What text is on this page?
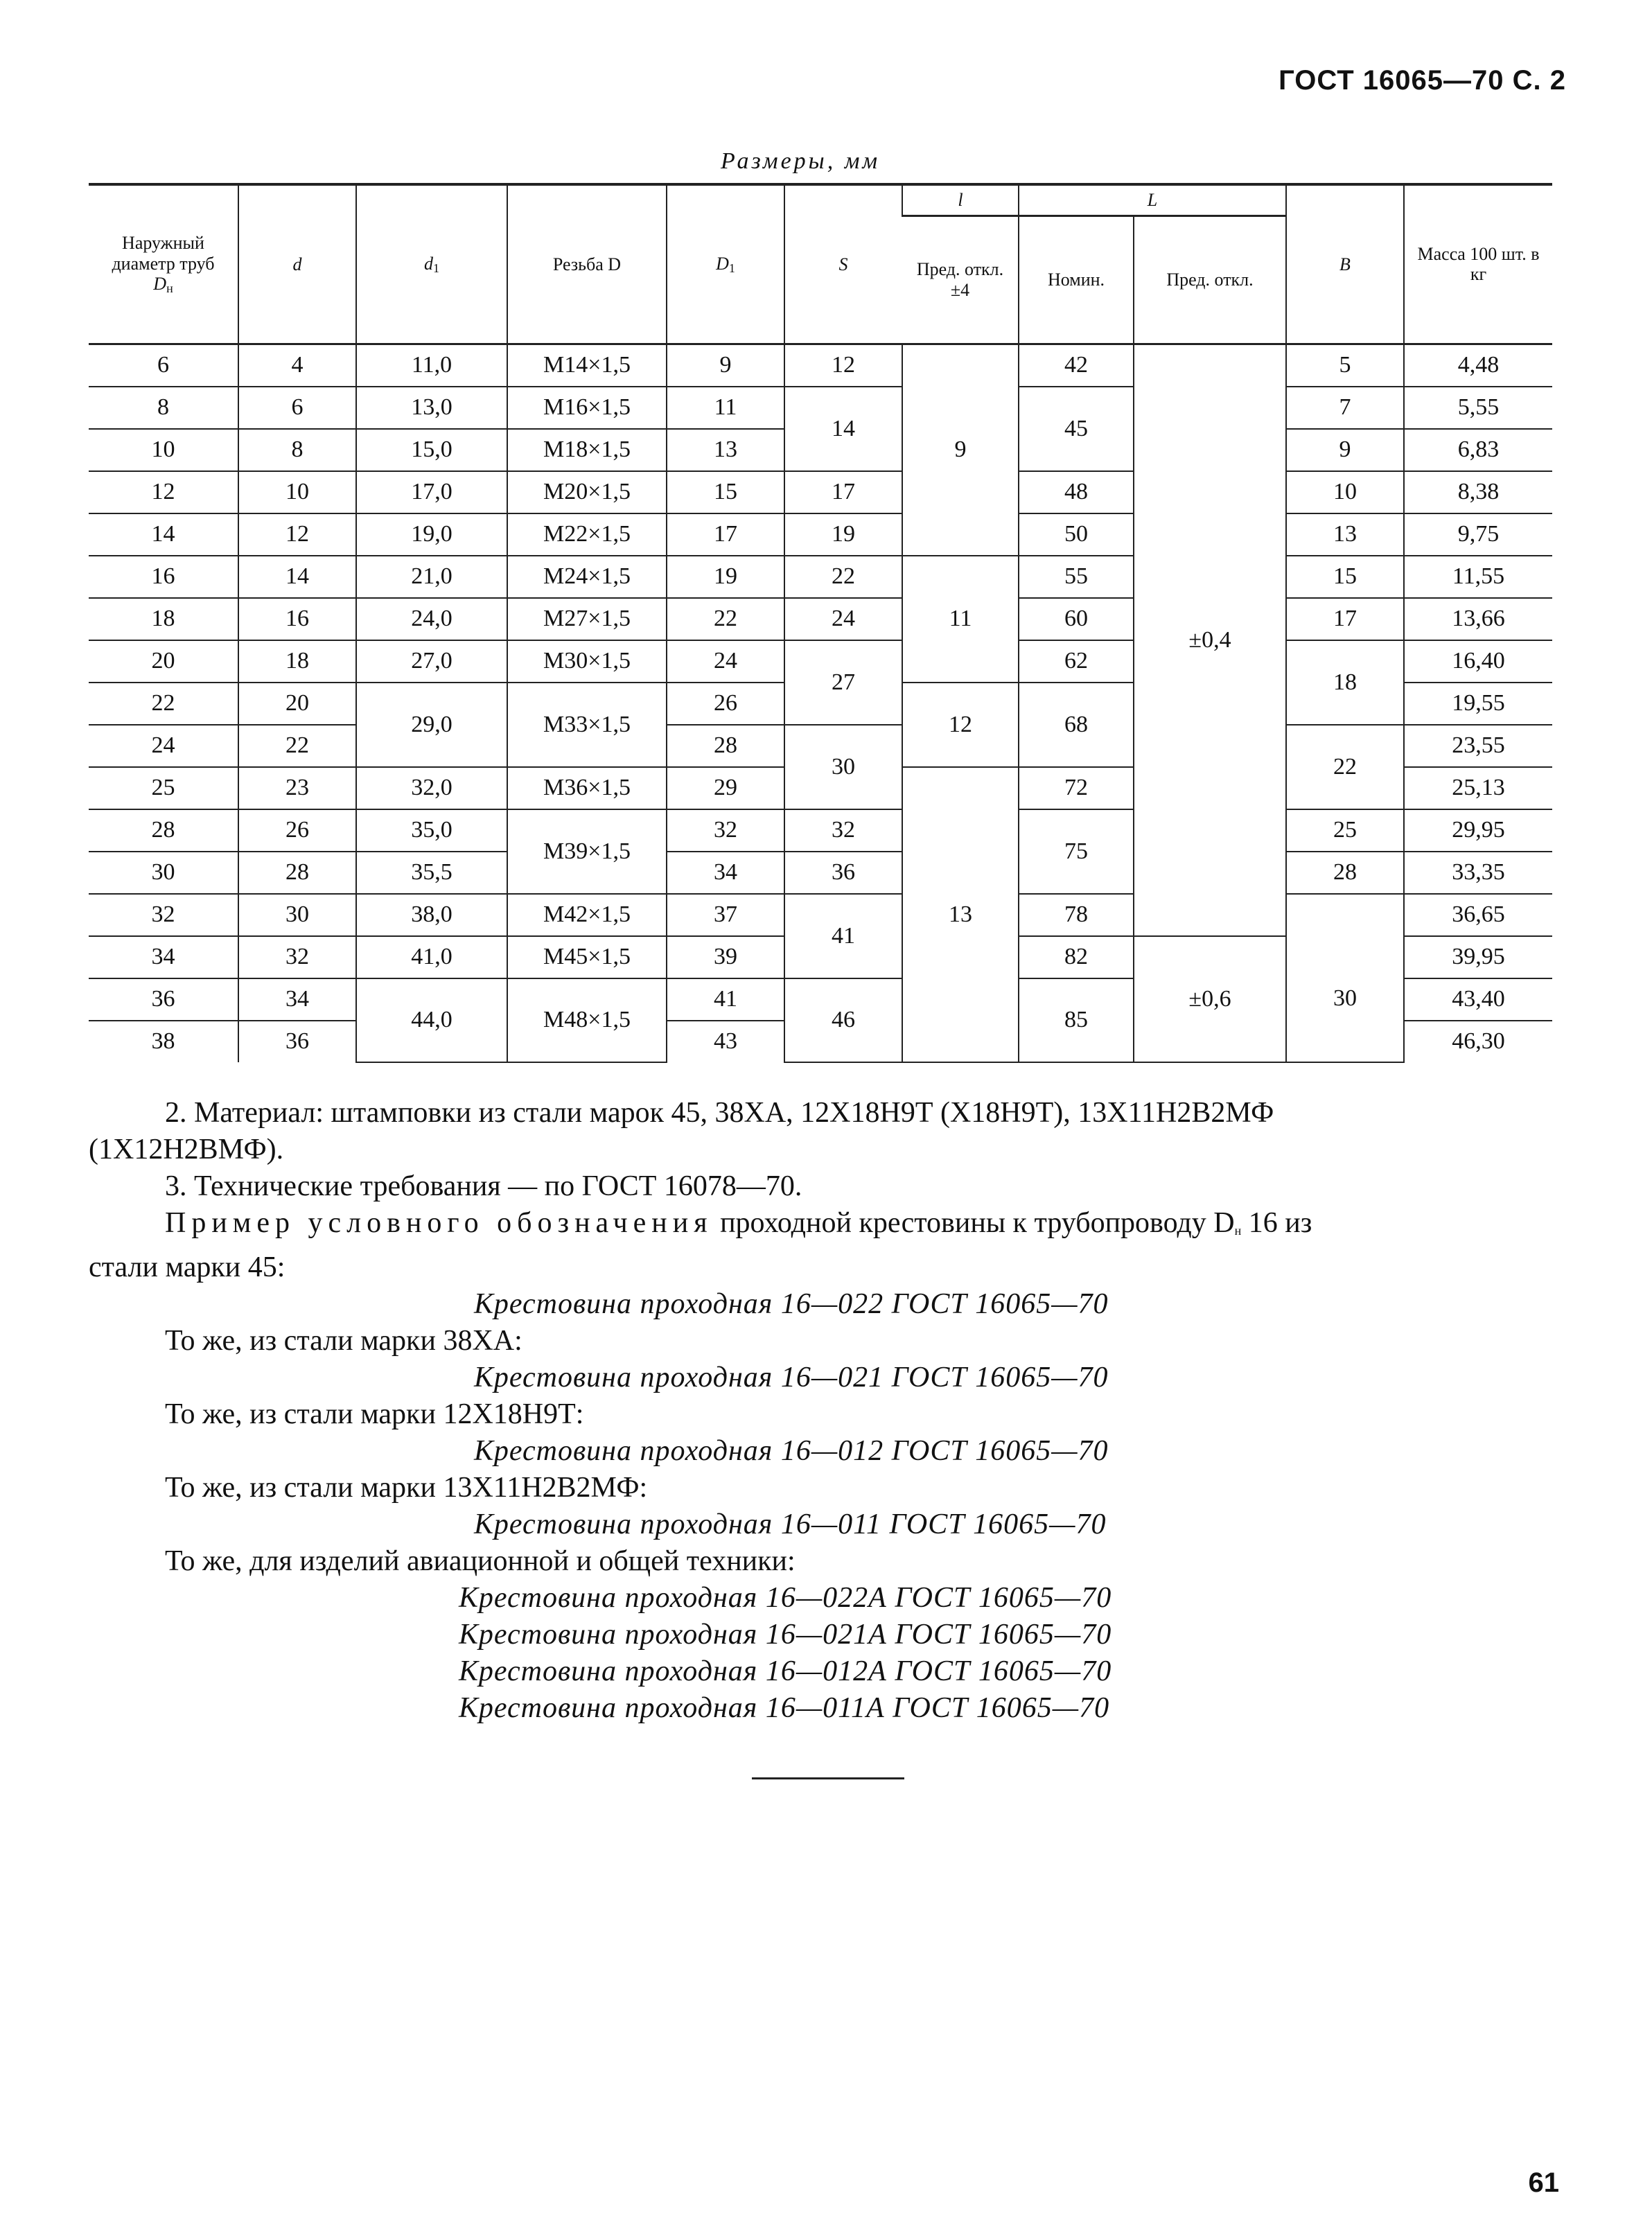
ГОСТ 16065—70 С. 2
Размеры, мм
Наружный диаметр труб
$D_н$	d	$d_1$	Резьба D	$D_1$	S	l	L		B	Массa 100 шт. в кг
						Пред. откл. ±4	Номин.	Пред. откл.		
6	4	11,0	М14×1,5	9	12	9	42	±0,4	5	4,48
8	6	13,0	М16×1,5	11	14		45		7	5,55
10	8	15,0	М18×1,5	13					9	6,83
12	10	17,0	М20×1,5	15	17		48		10	8,38
14	12	19,0	М22×1,5	17	19		50		13	9,75
16	14	21,0	М24×1,5	19	22	11	55		15	11,55
18	16	24,0	М27×1,5	22	24		60		17	13,66
20	18	27,0	М30×1,5	24	27		62		18	16,40
22	20	29,0	М33×1,5	26		12	68			19,55
24	22			28	30				22	23,55
25	23	32,0	М36×1,5	29		13	72			25,13
28	26	35,0	М39×1,5	32	32		75		25	29,95
30	28	35,5		34	36				28	33,35
32	30	38,0	М42×1,5	37	41		78			36,65
34	32	41,0	М45×1,5	39			82	±0,6	30	39,95
36	34	44,0	М48×1,5	41	46		85			43,40
38	36			43						46,30

2. Материал: штамповки из стали марок 45, 38ХА, 12Х18Н9Т (Х18Н9Т), 13Х11Н2В2МФ

(1Х12Н2ВМФ).

3. Технические требования — по ГОСТ 16078—70.

Пример условного обозначения проходной крестовины к трубопроводу $D_н$ 16 из

стали марки 45:

Крестовина проходная 16—022 ГОСТ 16065—70

То же, из стали марки 38ХА:

Крестовина проходная 16—021 ГОСТ 16065—70

То же, из стали марки 12Х18Н9Т:

Крестовина проходная 16—012 ГОСТ 16065—70

То же, из стали марки 13Х11Н2В2МФ:

Крестовина проходная 16—011 ГОСТ 16065—70

То же, для изделий авиационной и общей техники:

Крестовина проходная 16—022А ГОСТ 16065—70

Крестовина проходная 16—021А ГОСТ 16065—70

Крестовина проходная 16—012А ГОСТ 16065—70

Крестовина проходная 16—011А ГОСТ 16065—70

61
